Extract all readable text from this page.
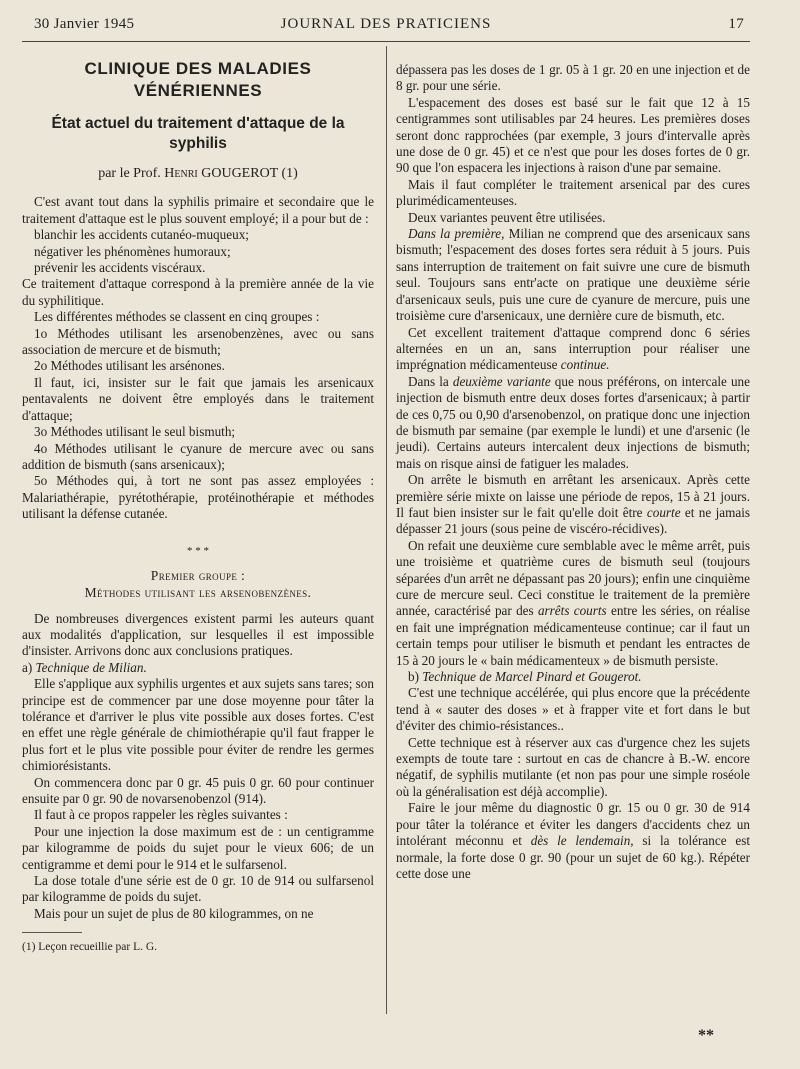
30 Janvier 1945	JOURNAL DES PRATICIENS	17
CLINIQUE DES MALADIES VÉNÉRIENNES
État actuel du traitement d'attaque de la syphilis
par le Prof. Henri GOUGEROT (1)

C'est avant tout dans la syphilis primaire et secondaire que le traitement d'attaque est le plus souvent employé; il a pour but de :

blanchir les accidents cutanéo-muqueux;

négativer les phénomènes humoraux;

prévenir les accidents viscéraux.

Ce traitement d'attaque correspond à la première année de la vie du syphilitique.

Les différentes méthodes se classent en cinq groupes :

1o Méthodes utilisant les arsenobenzènes, avec ou sans association de mercure et de bismuth;

2o Méthodes utilisant les arsénones.

Il faut, ici, insister sur le fait que jamais les arsenicaux pentavalents ne doivent être employés dans le traitement d'attaque;

3o Méthodes utilisant le seul bismuth;

4o Méthodes utilisant le cyanure de mercure avec ou sans addition de bismuth (sans arsenicaux);

5o Méthodes qui, à tort ne sont pas assez employées : Malariathérapie, pyrétothérapie, protéinothérapie et méthodes utilisant la défense cutanée.

* * *
Premier groupe :
Méthodes utilisant les arsenobenzènes.

De nombreuses divergences existent parmi les auteurs quant aux modalités d'application, sur lesquelles il est impossible d'insister. Arrivons donc aux conclusions pratiques.

a) Technique de Milian.

Elle s'applique aux syphilis urgentes et aux sujets sans tares; son principe est de commencer par une dose moyenne pour tâter la tolérance et d'arriver le plus vite possible aux doses fortes. C'est en effet une règle générale de chimiothérapie qu'il faut frapper le plus fort et le plus vite possible pour éviter de rendre les germes chimiorésistants.

On commencera donc par 0 gr. 45 puis 0 gr. 60 pour continuer ensuite par 0 gr. 90 de novarsenobenzol (914).

Il faut à ce propos rappeler les règles suivantes :

Pour une injection la dose maximum est de : un centigramme par kilogramme de poids du sujet pour le vieux 606; de un centigramme et demi pour le 914 et le sulfarsenol.

La dose totale d'une série est de 0 gr. 10 de 914 ou sulfarsenol par kilogramme de poids du sujet.

Mais pour un sujet de plus de 80 kilogrammes, on ne

(1) Leçon recueillie par L. G.

dépassera pas les doses de 1 gr. 05 à 1 gr. 20 en une injection et de 8 gr. pour une série.

L'espacement des doses est basé sur le fait que 12 à 15 centigrammes sont utilisables par 24 heures. Les premières doses seront donc rapprochées (par exemple, 3 jours d'intervalle après une dose de 0 gr. 45) et ce n'est que pour les doses fortes de 0 gr. 90 que l'on espacera les injections à raison d'une par semaine.

Mais il faut compléter le traitement arsenical par des cures plurimédicamenteuses.

Deux variantes peuvent être utilisées.

Dans la première, Milian ne comprend que des arsenicaux sans bismuth; l'espacement des doses fortes sera réduit à 5 jours. Puis sans interruption de traitement on fait suivre une cure de bismuth seul. Toujours sans entr'acte on pratique une deuxième série d'arsenicaux seuls, puis une cure de cyanure de mercure, puis une troisième cure d'arsenicaux, une dernière cure de bismuth, etc.

Cet excellent traitement d'attaque comprend donc 6 séries alternées en un an, sans interruption pour réaliser une imprégnation médicamenteuse continue.

Dans la deuxième variante que nous préférons, on intercale une injection de bismuth entre deux doses fortes d'arsenicaux; à partir de ces 0,75 ou 0,90 d'arsenobenzol, on pratique donc une injection de bismuth par semaine (par exemple le lundi) et une d'arsenic (le jeudi). Certains auteurs intercalent deux injections de bismuth; mais on risque ainsi de fatiguer les malades.

On arrête le bismuth en arrêtant les arsenicaux. Après cette première série mixte on laisse une période de repos, 15 à 21 jours. Il faut bien insister sur le fait qu'elle doit être courte et ne jamais dépasser 21 jours (sous peine de viscéro-récidives).

On refait une deuxième cure semblable avec le même arrêt, puis une troisième et quatrième cures de bismuth seul (toujours séparées d'un arrêt ne dépassant pas 20 jours); enfin une cinquième cure de mercure seul. Ceci constitue le traitement de la première année, caractérisé par des arrêts courts entre les séries, on réalise en fait une imprégnation médicamenteuse continue; car il faut un certain temps pour utiliser le bismuth et pendant les entractes de 15 à 20 jours le « bain médicamenteux » de bismuth persiste.

b) Technique de Marcel Pinard et Gougerot.

C'est une technique accélérée, qui plus encore que la précédente tend à « sauter des doses » et à frapper vite et fort dans le but d'éviter des chimio-résistances..

Cette technique est à réserver aux cas d'urgence chez les sujets exempts de toute tare : surtout en cas de chancre à B.-W. encore négatif, de syphilis mutilante (et non pas pour une simple roséole où la généralisation est déjà accomplie).

Faire le jour même du diagnostic 0 gr. 15 ou 0 gr. 30 de 914 pour tâter la tolérance et éviter les dangers d'accidents chez un intolérant méconnu et dès le lendemain, si la tolérance est normale, la forte dose 0 gr. 90 (pour un sujet de 60 kg.). Répéter cette dose une

**
